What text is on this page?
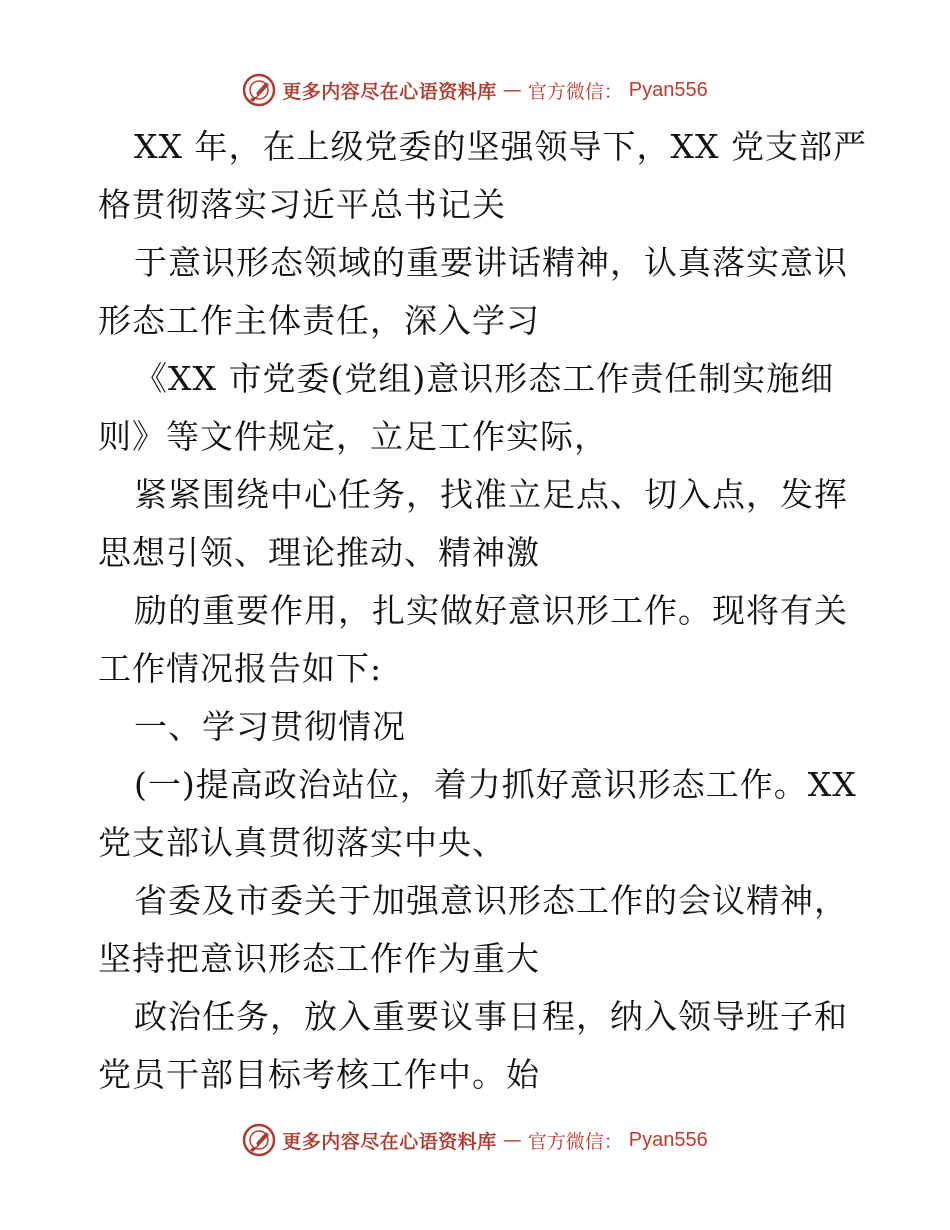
更多内容尽在心语资料库 — 官方微信： Pyan556
XX 年，在上级党委的坚强领导下，XX 党支部严
格贯彻落实习近平总书记关
于意识形态领域的重要讲话精神，认真落实意识
形态工作主体责任，深入学习
《XX 市党委(党组)意识形态工作责任制实施细
则》等文件规定，立足工作实际，
紧紧围绕中心任务，找准立足点、切入点，发挥
思想引领、理论推动、精神激
励的重要作用，扎实做好意识形工作。现将有关
工作情况报告如下:
一、学习贯彻情况
(一)提高政治站位，着力抓好意识形态工作。XX
党支部认真贯彻落实中央、
省委及市委关于加强意识形态工作的会议精神，
坚持把意识形态工作作为重大
政治任务，放入重要议事日程，纳入领导班子和
党员干部目标考核工作中。始
更多内容尽在心语资料库 — 官方微信： Pyan556
